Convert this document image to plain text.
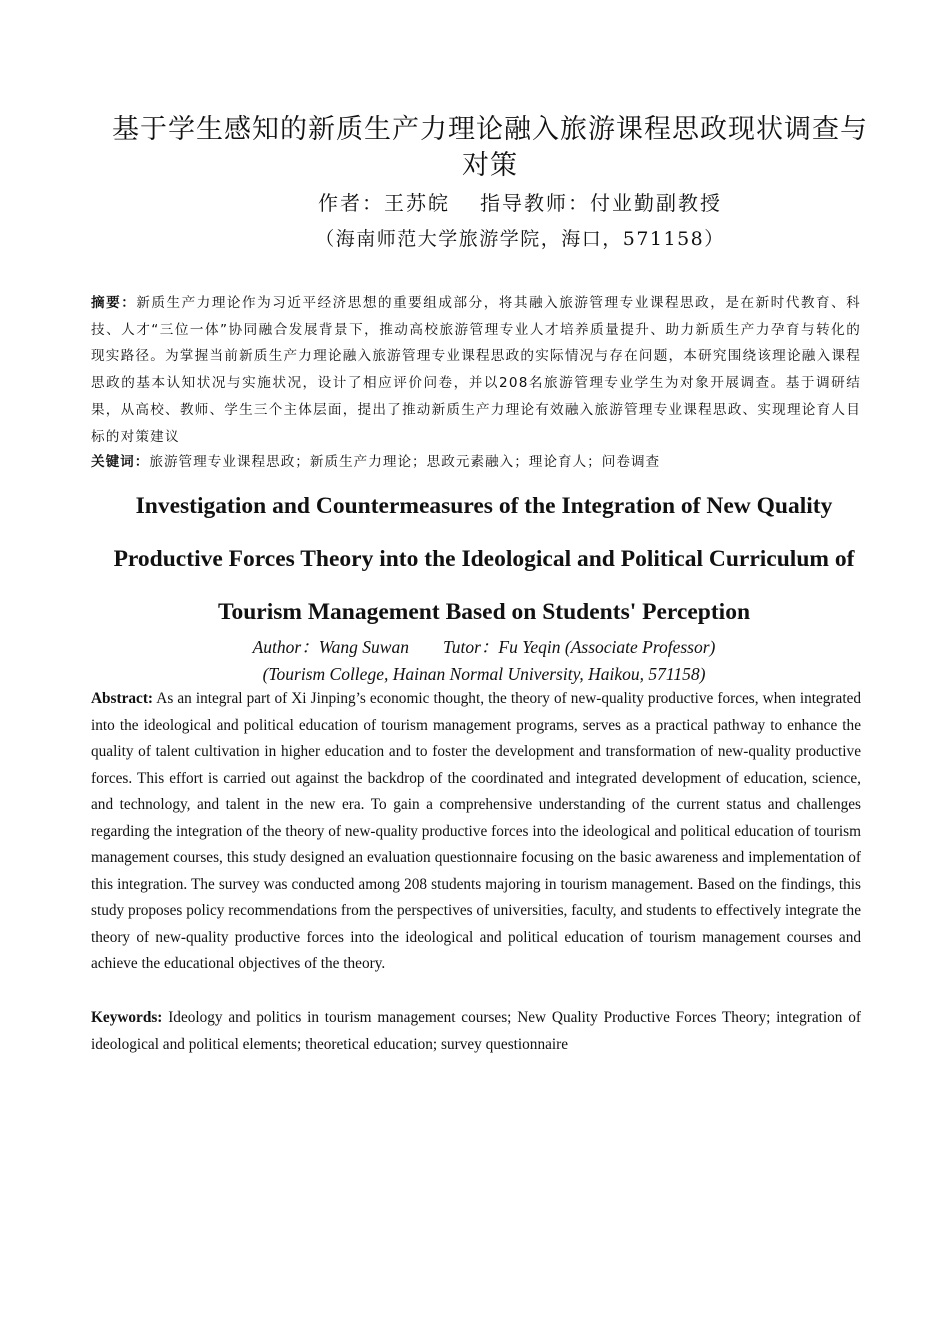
基于学生感知的新质生产力理论融入旅游课程思政现状调查与对策
作者：王苏皖 指导教师：付业勤副教授
（海南师范大学旅游学院，海口，571158）

摘要：新质生产力理论作为习近平经济思想的重要组成部分，将其融入旅游管理专业课程思政，是在新时代教育、科技、人才“三位一体”协同融合发展背景下，推动高校旅游管理专业人才培养质量提升、助力新质生产力孕育与转化的现实路径。为掌握当前新质生产力理论融入旅游管理专业课程思政的实际情况与存在问题，本研究围绕该理论融入课程思政的基本认知状况与实施状况，设计了相应评价问卷，并以208名旅游管理专业学生为对象开展调查。基于调研结果，从高校、教师、学生三个主体层面，提出了推动新质生产力理论有效融入旅游管理专业课程思政、实现理论育人目标的对策建议

关键词：旅游管理专业课程思政；新质生产力理论；思政元素融入；理论育人；问卷调查

Investigation and Countermeasures of the Integration of New Quality Productive Forces Theory into the Ideological and Political Curriculum of Tourism Management Based on Students' Perception
Author：Wang Suwan Tutor：Fu Yeqin (Associate Professor)
(Tourism College, Hainan Normal University, Haikou, 571158)

Abstract: As an integral part of Xi Jinping’s economic thought, the theory of new-quality productive forces, when integrated into the ideological and political education of tourism management programs, serves as a practical pathway to enhance the quality of talent cultivation in higher education and to foster the development and transformation of new-quality productive forces. This effort is carried out against the backdrop of the coordinated and integrated development of education, science, and technology, and talent in the new era. To gain a comprehensive understanding of the current status and challenges regarding the integration of the theory of new-quality productive forces into the ideological and political education of tourism management courses, this study designed an evaluation questionnaire focusing on the basic awareness and implementation of this integration. The survey was conducted among 208 students majoring in tourism management. Based on the findings, this study proposes policy recommendations from the perspectives of universities, faculty, and students to effectively integrate the theory of new-quality productive forces into the ideological and political education of tourism management courses and achieve the educational objectives of the theory.

Keywords: Ideology and politics in tourism management courses; New Quality Productive Forces Theory; integration of ideological and political elements; theoretical education; survey questionnaire
